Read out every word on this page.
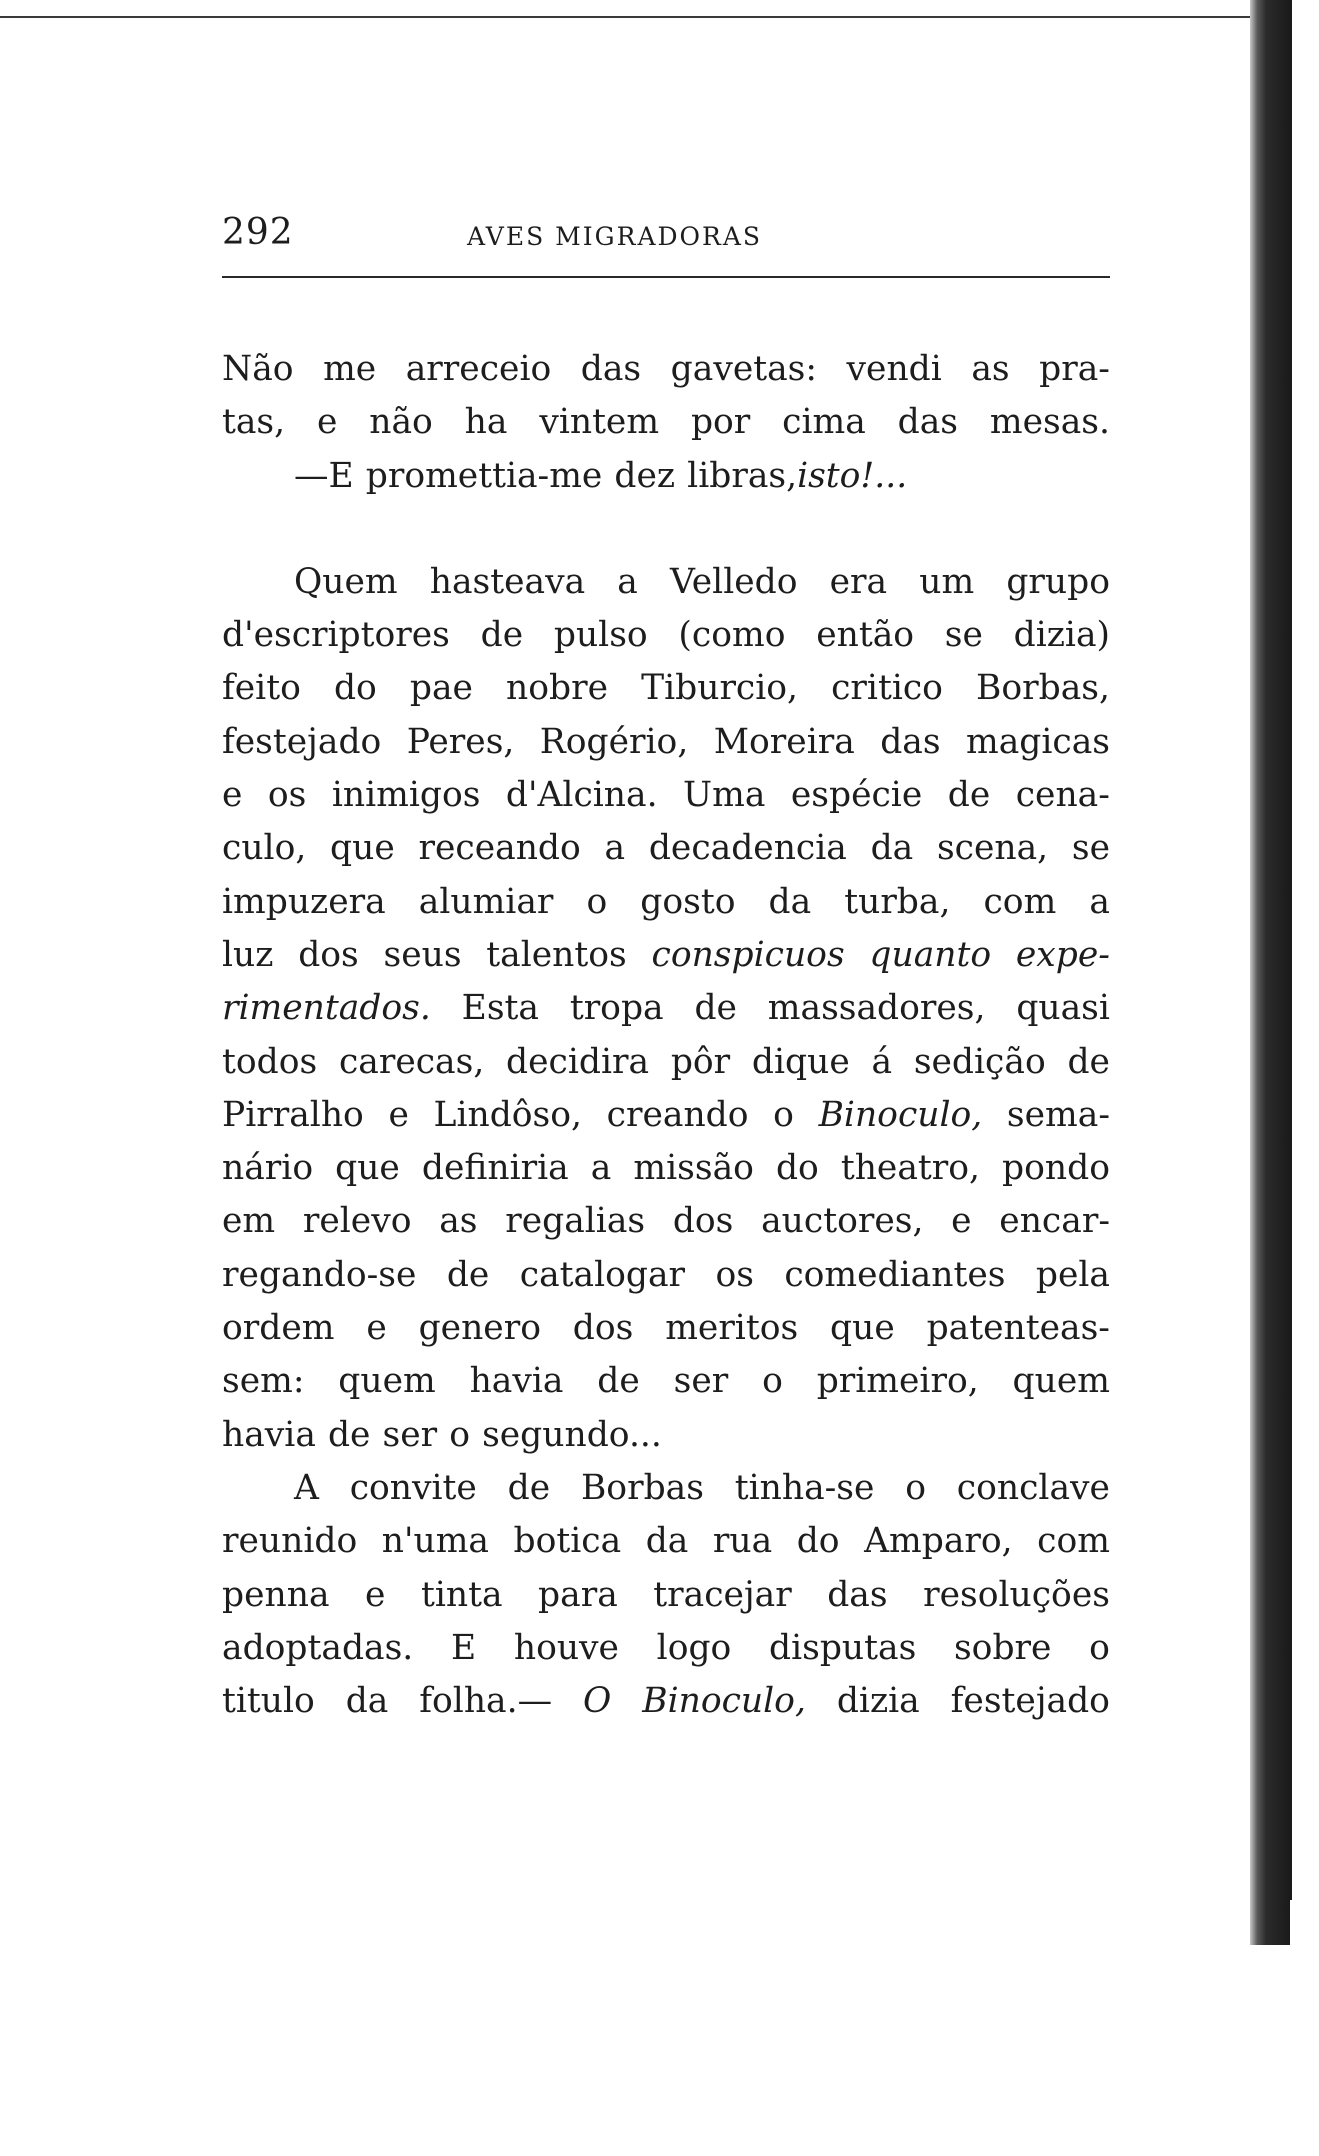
292	AVES MIGRADORAS
Não me arreceio das gavetas: vendi as pra-
tas, e não ha vintem por cima das mesas.
—E promettia-me dez libras, isto!...
Quem hasteava a Velledo era um grupo
d'escriptores de pulso (como então se dizia)
feito do pae nobre Tiburcio, critico Borbas,
festejado Peres, Rogério, Moreira das magicas
e os inimigos d'Alcina. Uma espécie de cena-
culo, que receando a decadencia da scena, se
impuzera alumiar o gosto da turba, com a
luz dos seus talentos conspicuos quanto expe-
rimentados. Esta tropa de massadores, quasi
todos carecas, decidira pôr dique á sedição de
Pirralho e Lindôso, creando o Binoculo, sema-
nário que definiria a missão do theatro, pondo
em relevo as regalias dos auctores, e encar-
regando-se de catalogar os comediantes pela
ordem e genero dos meritos que patenteas-
sem: quem havia de ser o primeiro, quem
havia de ser o segundo...
A convite de Borbas tinha-se o conclave
reunido n'uma botica da rua do Amparo, com
penna e tinta para tracejar das resoluções
adoptadas. E houve logo disputas sobre o
titulo da folha.— O Binoculo, dizia festejado
